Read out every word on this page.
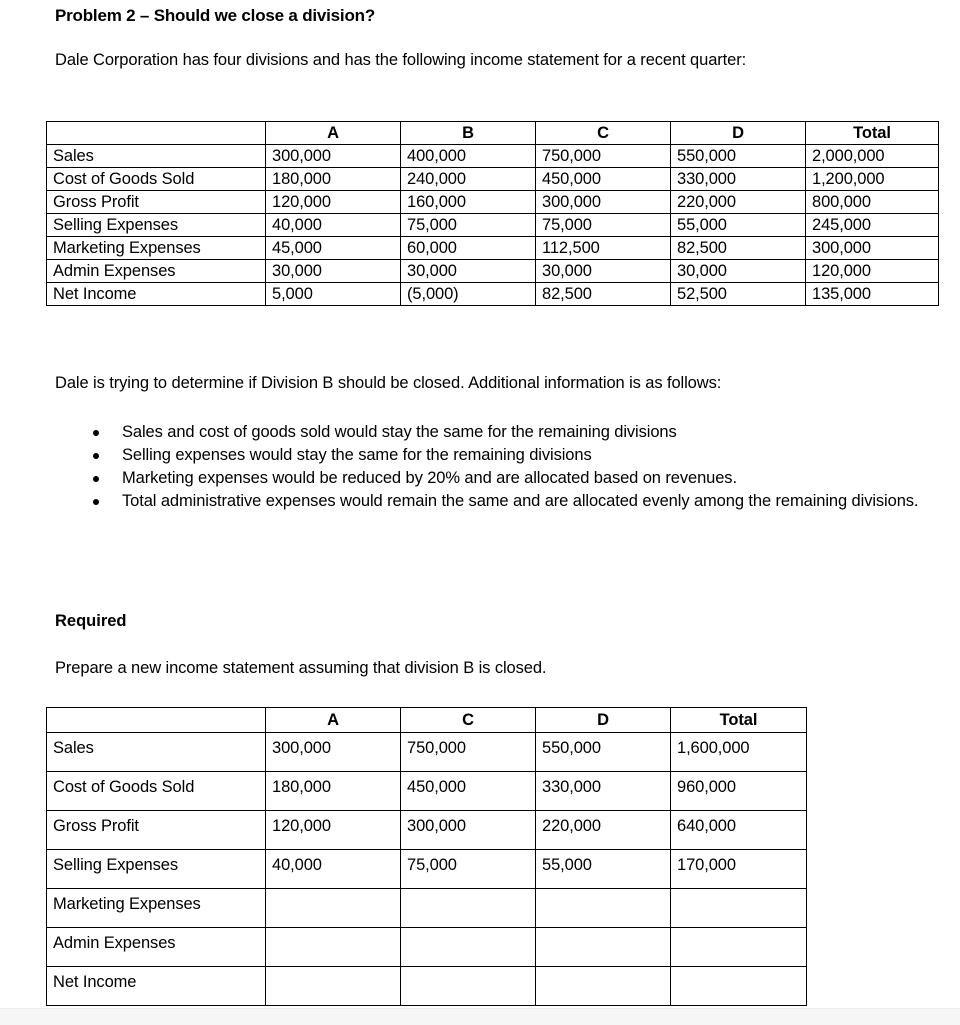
Problem 2 – Should we close a division?

Dale Corporation has four divisions and has the following income statement for a recent quarter:

	A	B	C	D	Total
Sales	300,000	400,000	750,000	550,000	2,000,000
Cost of Goods Sold	180,000	240,000	450,000	330,000	1,200,000
Gross Profit	120,000	160,000	300,000	220,000	800,000
Selling Expenses	40,000	75,000	75,000	55,000	245,000
Marketing Expenses	45,000	60,000	112,500	82,500	300,000
Admin Expenses	30,000	30,000	30,000	30,000	120,000
Net Income	5,000	(5,000)	82,500	52,500	135,000

Dale is trying to determine if Division B should be closed. Additional information is as follows:

Sales and cost of goods sold would stay the same for the remaining divisions
Selling expenses would stay the same for the remaining divisions
Marketing expenses would be reduced by 20% and are allocated based on revenues.
Total administrative expenses would remain the same and are allocated evenly among the remaining divisions.

Required

Prepare a new income statement assuming that division B is closed.

	A	C	D	Total
Sales	300,000	750,000	550,000	1,600,000
Cost of Goods Sold	180,000	450,000	330,000	960,000
Gross Profit	120,000	300,000	220,000	640,000
Selling Expenses	40,000	75,000	55,000	170,000
Marketing Expenses				
Admin Expenses				
Net Income				
